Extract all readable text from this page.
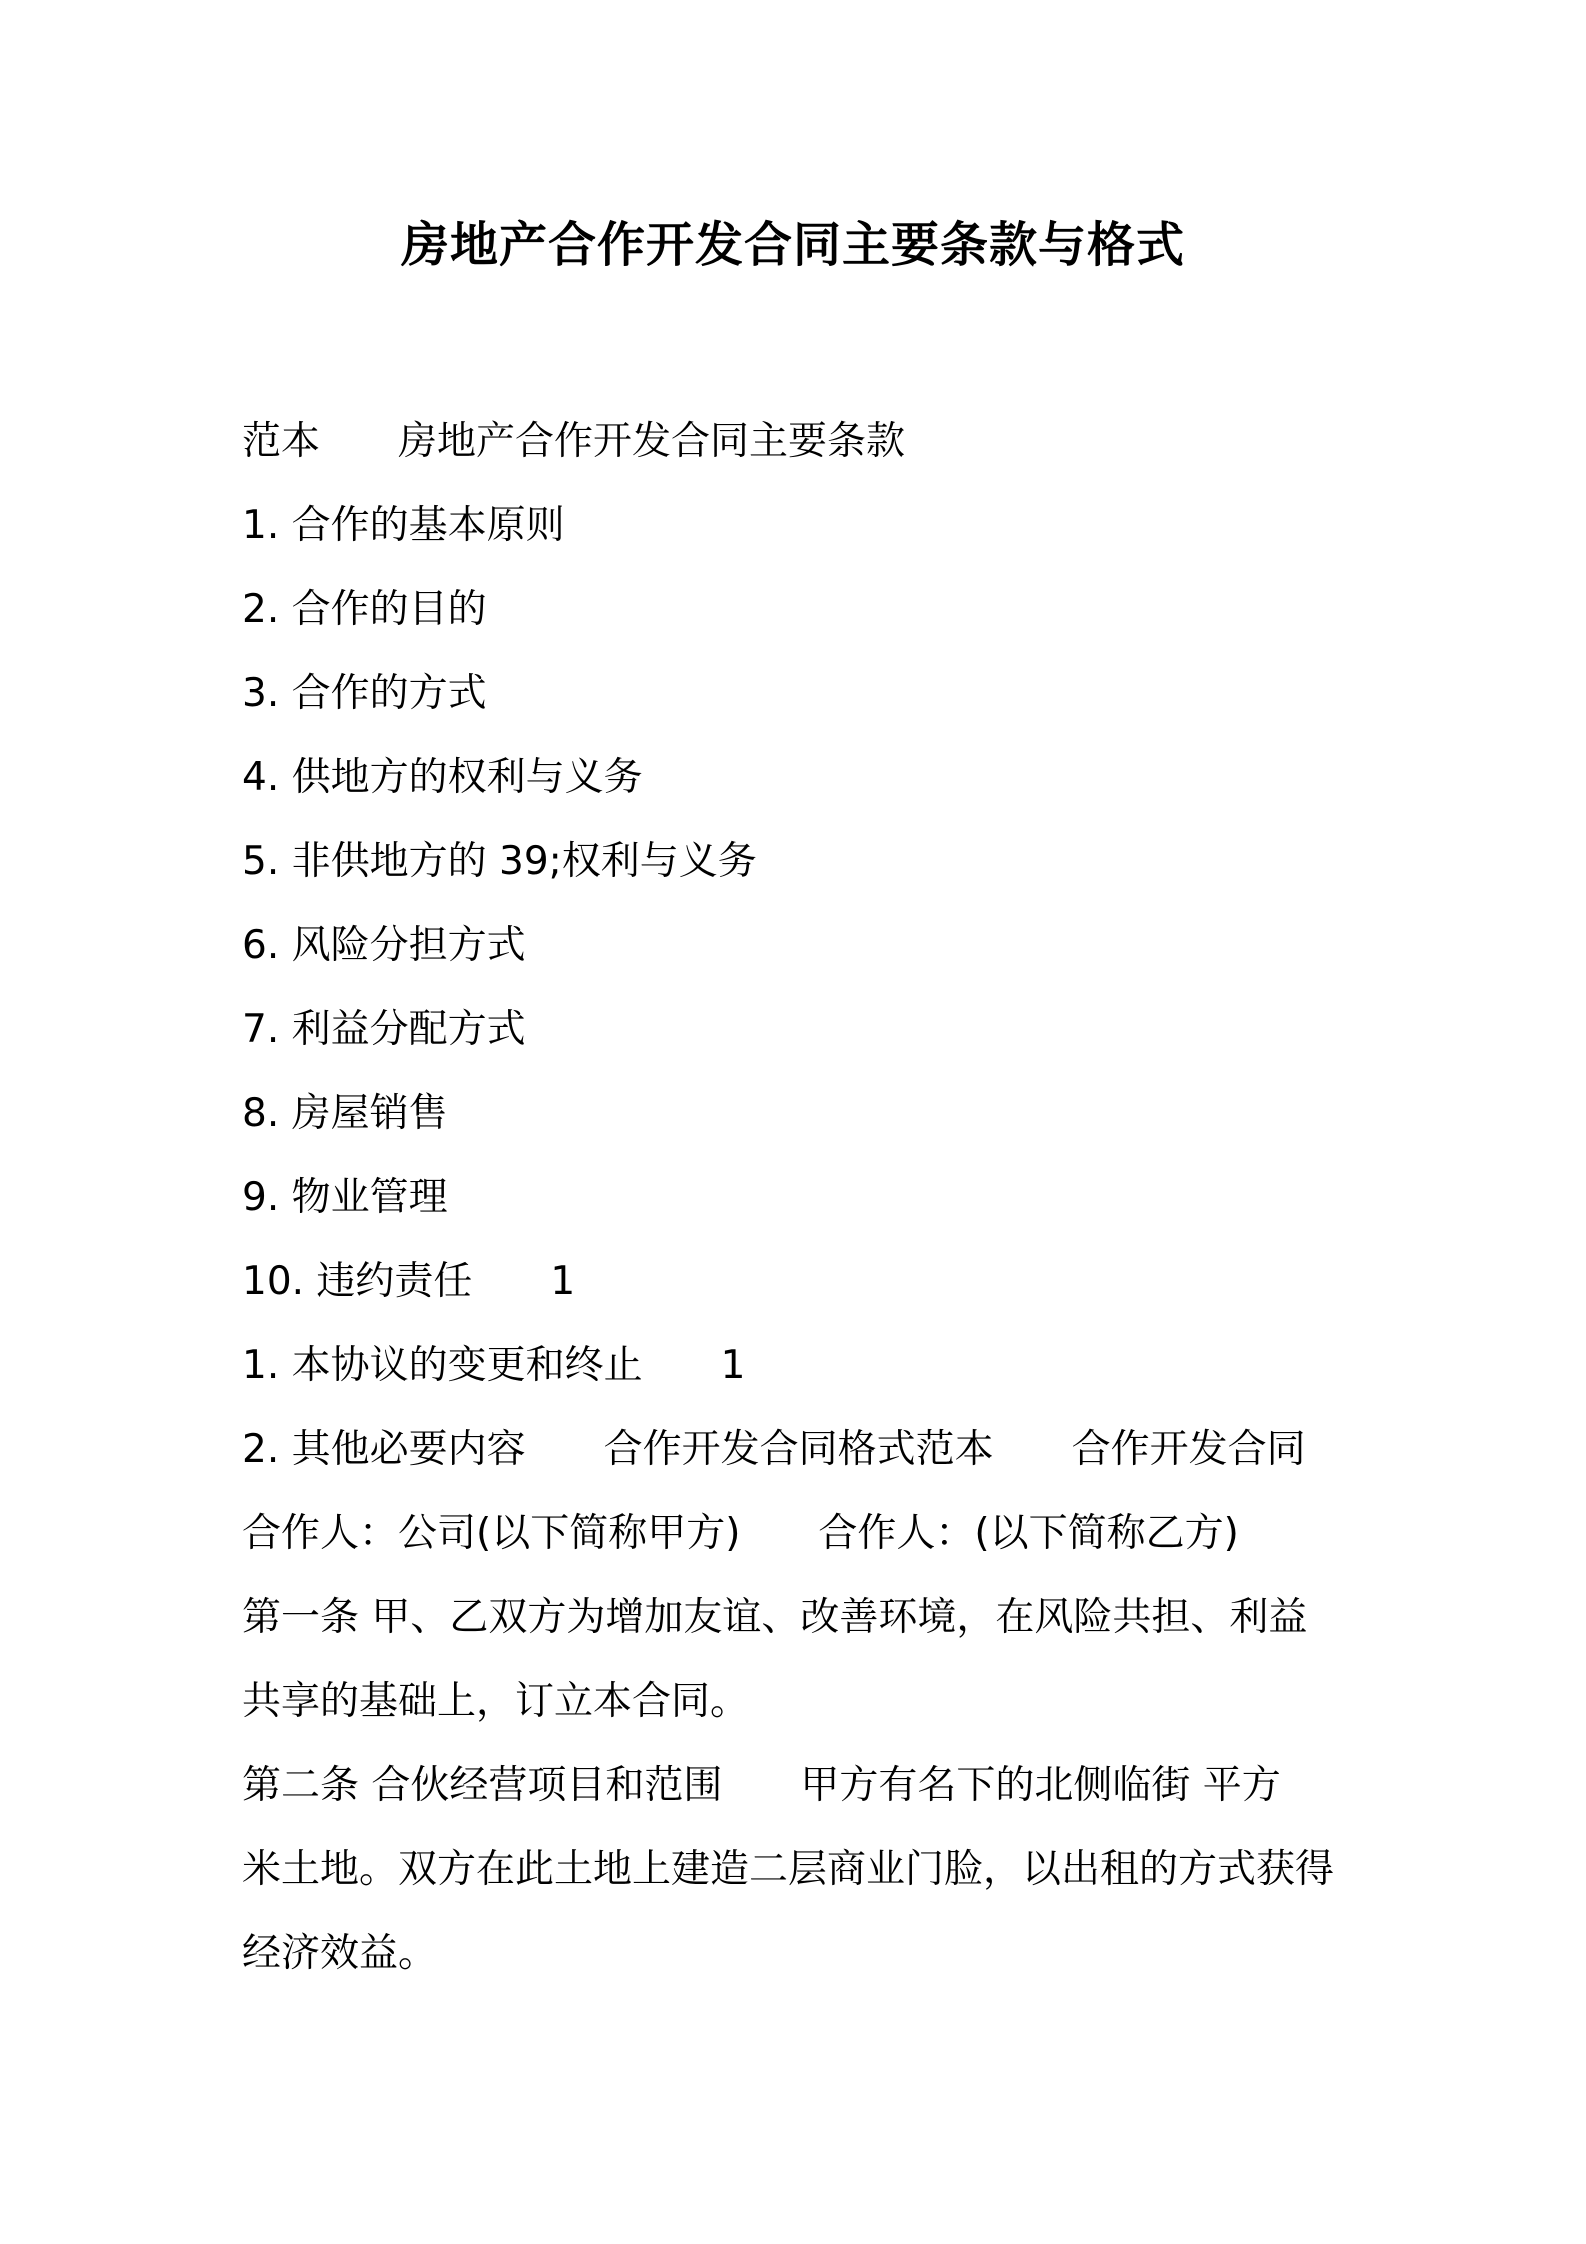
房地产合作开发合同主要条款与格式

范本　　房地产合作开发合同主要条款

1. 合作的基本原则

2. 合作的目的

3. 合作的方式

4. 供地方的权利与义务

5. 非供地方的 39;权利与义务

6. 风险分担方式

7. 利益分配方式

8. 房屋销售

9. 物业管理

10. 违约责任　　1

1. 本协议的变更和终止　　1

2. 其他必要内容　　合作开发合同格式范本　　合作开发合同

合作人：公司(以下简称甲方)　　合作人：(以下简称乙方)

第一条 甲、乙双方为增加友谊、改善环境，在风险共担、利益

共享的基础上，订立本合同。

第二条 合伙经营项目和范围　　甲方有名下的北侧临街 平方

米土地。双方在此土地上建造二层商业门脸，以出租的方式获得

经济效益。
